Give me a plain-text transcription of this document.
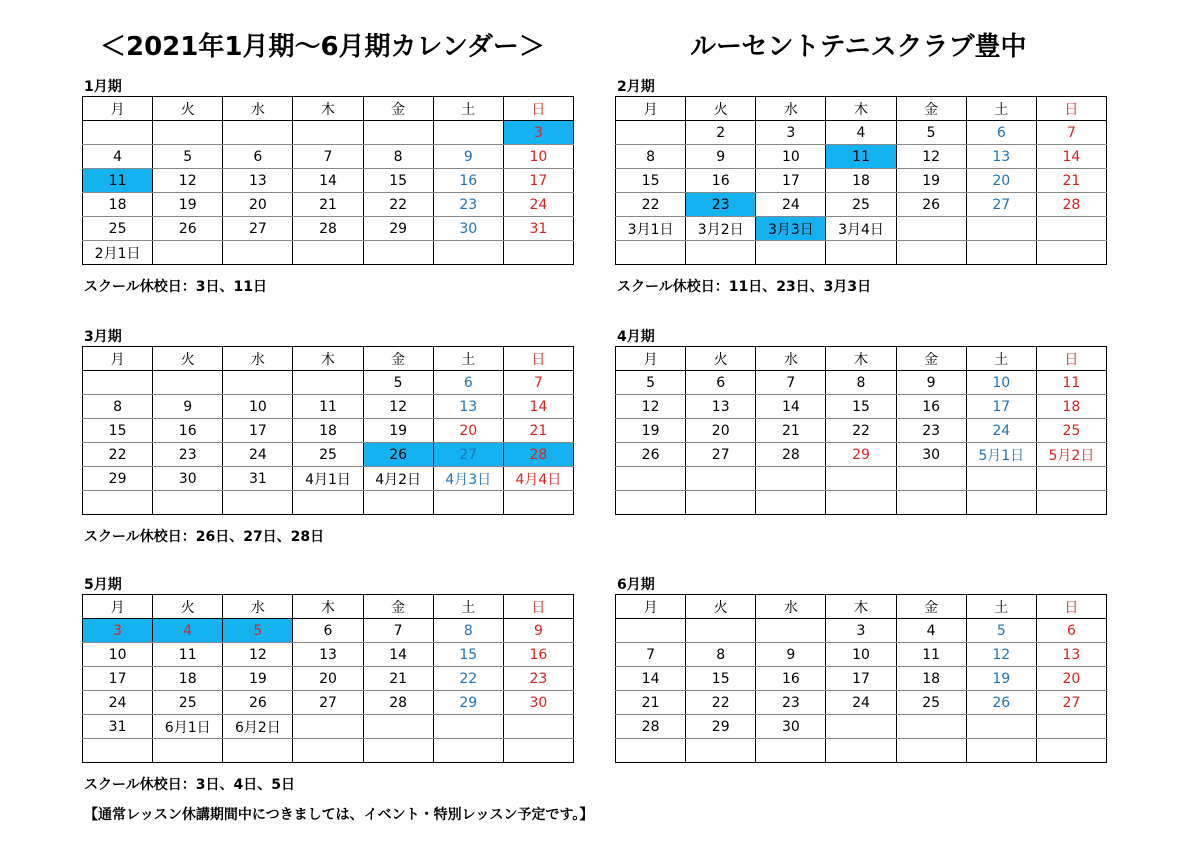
＜2021年1月期～6月期カレンダー＞	ルーセントテニスクラブ豊中
1月期
月	火	水	木	金	土	日
						3
4	5	6	7	8	9	10
11	12	13	14	15	16	17
18	19	20	21	22	23	24
25	26	27	28	29	30	31
2月1日						
スクール休校日：3日、11日
2月期
月	火	水	木	金	土	日
	2	3	4	5	6	7
8	9	10	11	12	13	14
15	16	17	18	19	20	21
22	23	24	25	26	27	28
3月1日	3月2日	3月3日	3月4日			

スクール休校日：11日、23日、3月3日
3月期
月	火	水	木	金	土	日
				5	6	7
8	9	10	11	12	13	14
15	16	17	18	19	20	21
22	23	24	25	26	27	28
29	30	31	4月1日	4月2日	4月3日	4月4日

スクール休校日：26日、27日、28日
4月期
月	火	水	木	金	土	日
5	6	7	8	9	10	11
12	13	14	15	16	17	18
19	20	21	22	23	24	25
26	27	28	29	30	5月1日	5月2日

5月期
月	火	水	木	金	土	日
3	4	5	6	7	8	9
10	11	12	13	14	15	16
17	18	19	20	21	22	23
24	25	26	27	28	29	30
31	6月1日	6月2日				

スクール休校日：3日、4日、5日
6月期
月	火	水	木	金	土	日
			3	4	5	6
7	8	9	10	11	12	13
14	15	16	17	18	19	20
21	22	23	24	25	26	27
28	29	30				

【通常レッスン休講期間中につきましては、イベント・特別レッスン予定です。】
